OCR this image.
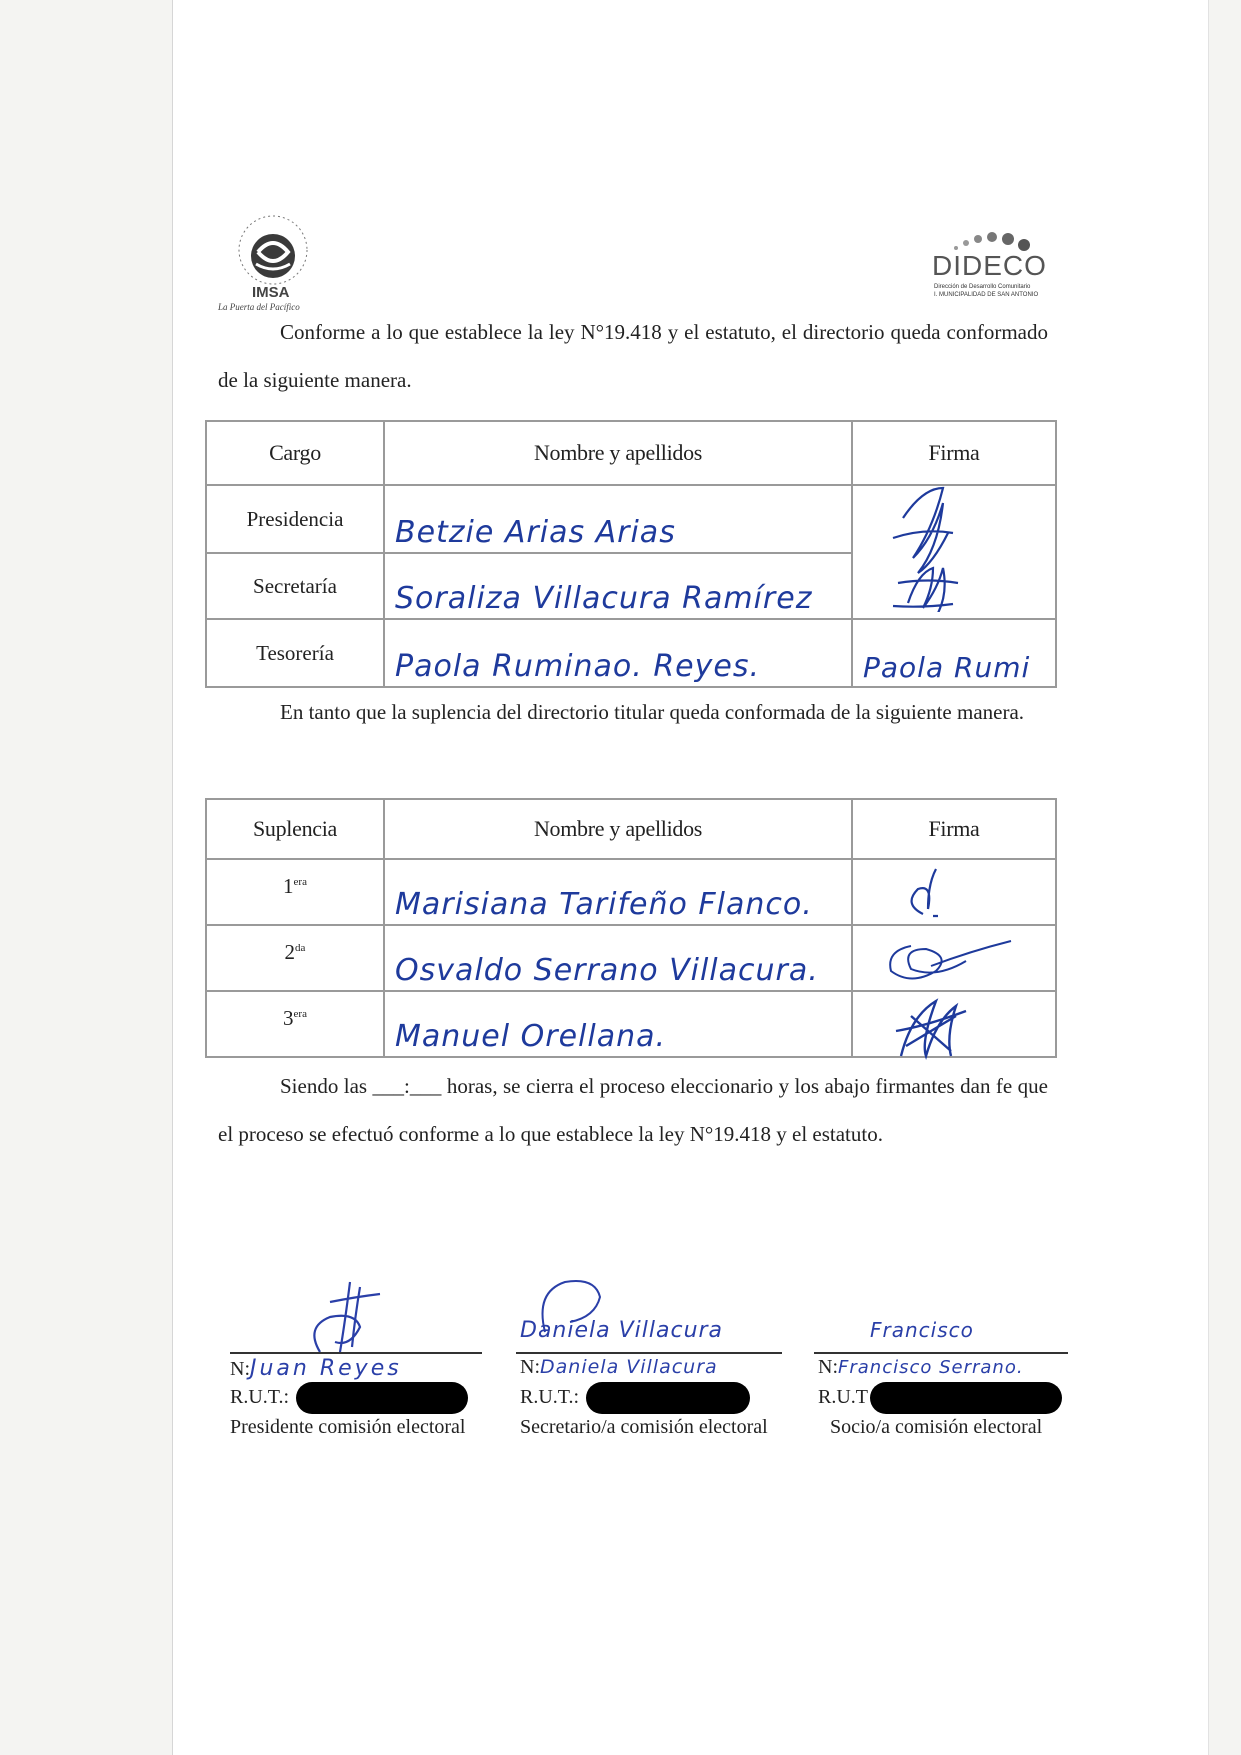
IMSA
La Puerta del Pacífico
DIDECO
Dirección de Desarrollo Comunitario
I. MUNICIPALIDAD DE SAN ANTONIO
Conforme a lo que establece la ley N°19.418 y el estatuto, el directorio queda conformado de la siguiente manera.
Cargo	Nombre y apellidos	Firma
Presidencia	Betzie Arias Arias

Secretaría	Soraliza Villacura Ramírez	

Tesorería	Paola Ruminao. Reyes.	Paola Rumi
En tanto que la suplencia del directorio titular queda conformada de la siguiente manera.
Suplencia	Nombre y apellidos	Firma
$1^{era}$	Marisiana Tarifeño Flanco.

$2^{da}$	Osvaldo Serrano Villacura.

$3^{era}$	Manuel Orellana.

Siendo las ___:___ horas, se cierra el proceso eleccionario y los abajo firmantes dan fe que el proceso se efectuó conforme a lo que establece la ley N°19.418 y el estatuto.
N:Juan Reyes
R.U.T.:
Presidente comisión electoral
Daniela Villacura
N:Daniela Villacura
R.U.T.:
Secretario/a comisión electoral
Francisco
N:Francisco Serrano.
R.U.T
Socio/a comisión electoral
